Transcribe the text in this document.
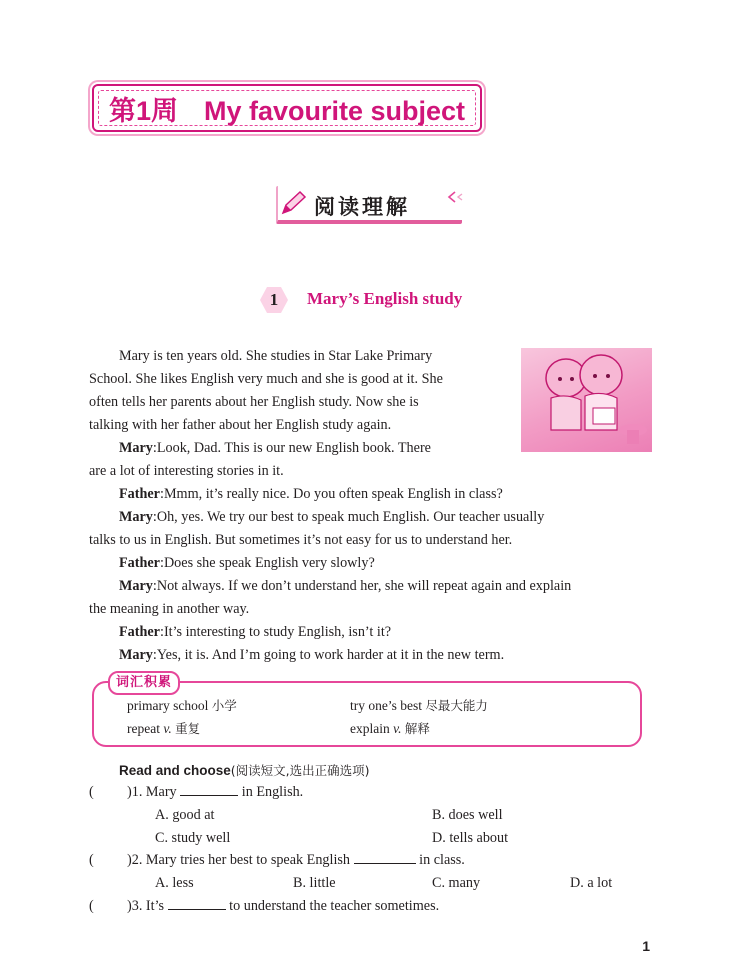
第1周 My favourite subject
阅读理解
1	Mary’s English study
Mary is ten years old. She studies in Star Lake Primary
School. She likes English very much and she is good at it. She
often tells her parents about her English study. Now she is
talking with her father about her English study again.
Mary:Look, Dad. This is our new English book. There
are a lot of interesting stories in it.
Father:Mmm, it’s really nice. Do you often speak English in class?
Mary:Oh, yes. We try our best to speak much English. Our teacher usually
talks to us in English. But sometimes it’s not easy for us to understand her.
Father:Does she speak English very slowly?
Mary:Not always. If we don’t understand her, she will repeat again and explain
the meaning in another way.
Father:It’s interesting to study English, isn’t it?
Mary:Yes, it is. And I’m going to work harder at it in the new term.
词汇积累
primary school 小学	try one’s best 尽最大能力
repeat v. 重复	explain v. 解释
Read and choose(阅读短文,选出正确选项)
( )1. Mary	in English.
A. good at	B. does well
C. study well	D. tells about
( )2. Mary tries her best to speak English	in class.
A. less	B. little	C. many	D. a lot
( )3. It’s	to understand the teacher sometimes.
1
